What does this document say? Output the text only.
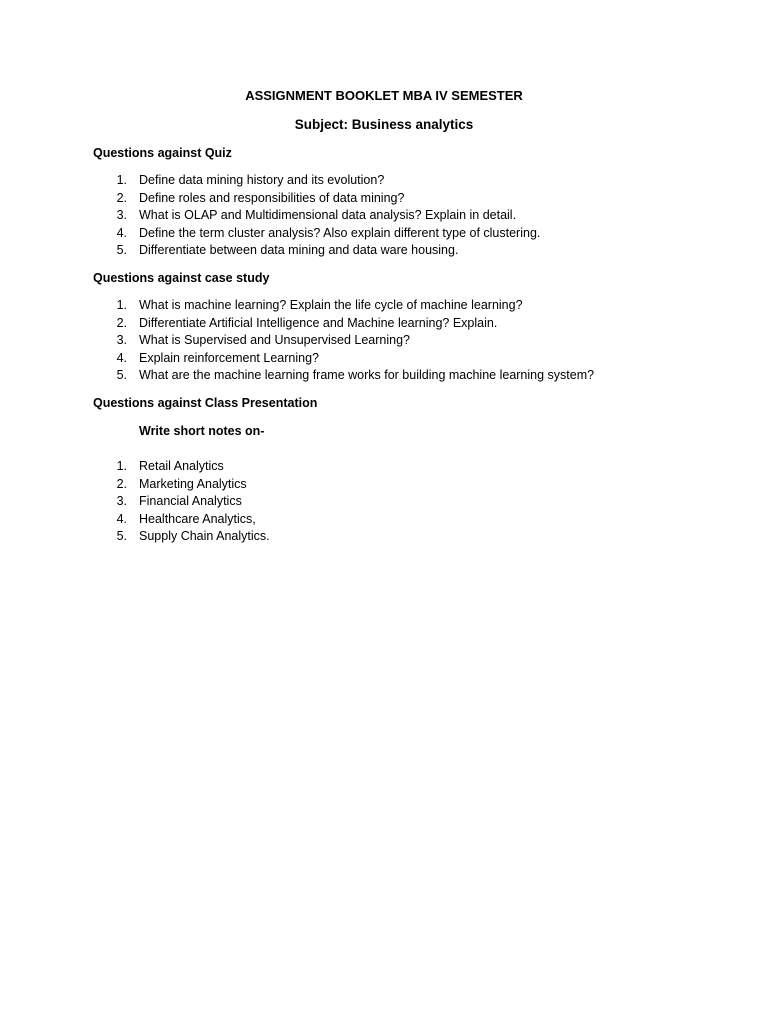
ASSIGNMENT BOOKLET MBA IV SEMESTER
Subject: Business analytics
Questions against Quiz
1. Define data mining history and its evolution?
2. Define roles and responsibilities of data mining?
3. What is OLAP and Multidimensional data analysis? Explain in detail.
4. Define the term cluster analysis? Also explain different type of clustering.
5. Differentiate between data mining and data ware housing.
Questions against case study
1. What is machine learning? Explain the life cycle of machine learning?
2. Differentiate Artificial Intelligence and Machine learning? Explain.
3. What is Supervised and Unsupervised Learning?
4. Explain reinforcement Learning?
5. What are the machine learning frame works for building machine learning system?
Questions against Class Presentation
Write short notes on-
1. Retail Analytics
2. Marketing Analytics
3. Financial Analytics
4. Healthcare Analytics,
5. Supply Chain Analytics.
